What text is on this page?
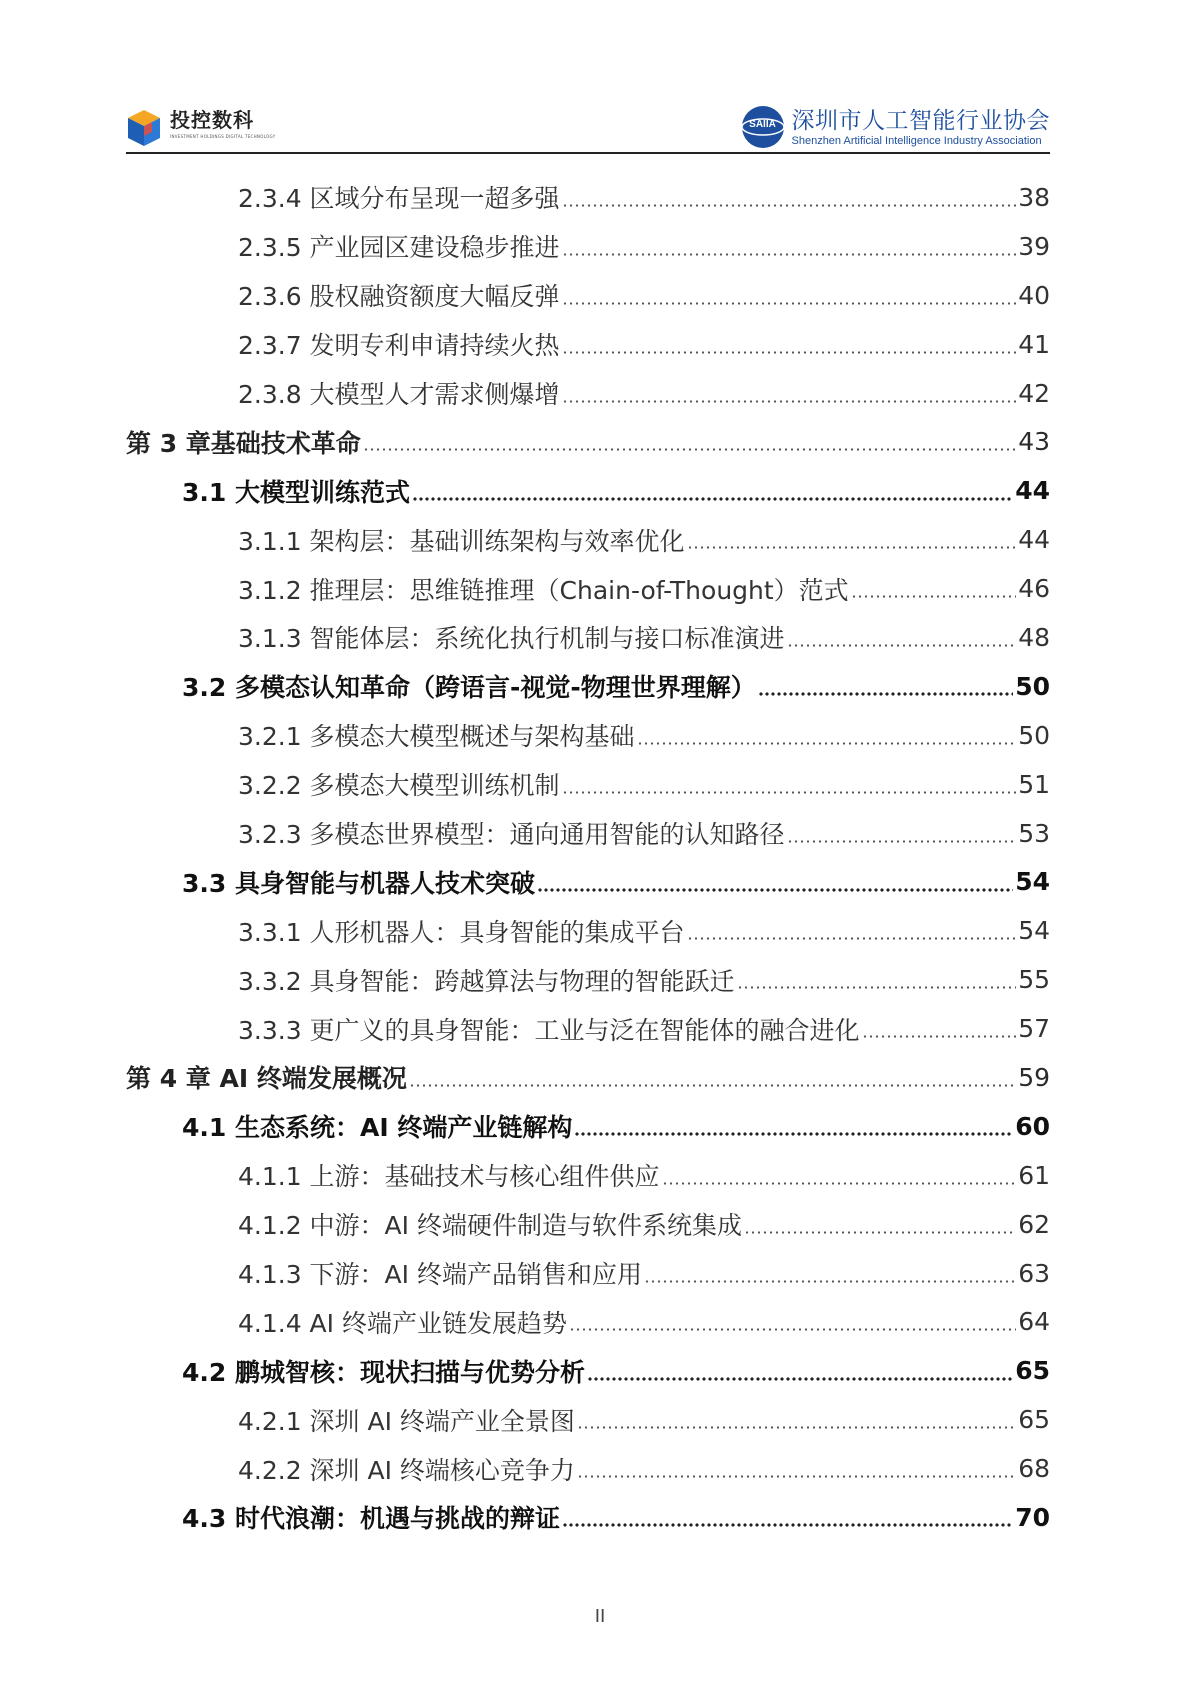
投控数科
INVESTMENT HOLDINGS DIGITAL TECHNOLOGY
SAIIA 深圳市人工智能行业协会
Shenzhen Artificial Intelligence Industry Association
2.3.4 区域分布呈现一超多强	38
2.3.5 产业园区建设稳步推进	39
2.3.6 股权融资额度大幅反弹	40
2.3.7 发明专利申请持续火热	41
2.3.8 大模型人才需求侧爆增	42
第 3 章基础技术革命	43
3.1 大模型训练范式	44
3.1.1 架构层：基础训练架构与效率优化	44
3.1.2 推理层：思维链推理（Chain-of-Thought）范式	46
3.1.3 智能体层：系统化执行机制与接口标准演进	48
3.2 多模态认知革命（跨语言-视觉-物理世界理解）	50
3.2.1 多模态大模型概述与架构基础	50
3.2.2 多模态大模型训练机制	51
3.2.3 多模态世界模型：通向通用智能的认知路径	53
3.3 具身智能与机器人技术突破	54
3.3.1 人形机器人：具身智能的集成平台	54
3.3.2 具身智能：跨越算法与物理的智能跃迁	55
3.3.3 更广义的具身智能：工业与泛在智能体的融合进化	57
第 4 章 AI 终端发展概况	59
4.1 生态系统：AI 终端产业链解构	60
4.1.1 上游：基础技术与核心组件供应	61
4.1.2 中游：AI 终端硬件制造与软件系统集成	62
4.1.3 下游：AI 终端产品销售和应用	63
4.1.4 AI 终端产业链发展趋势	64
4.2 鹏城智核：现状扫描与优势分析	65
4.2.1 深圳 AI 终端产业全景图	65
4.2.2 深圳 AI 终端核心竞争力	68
4.3 时代浪潮：机遇与挑战的辩证	70
II
